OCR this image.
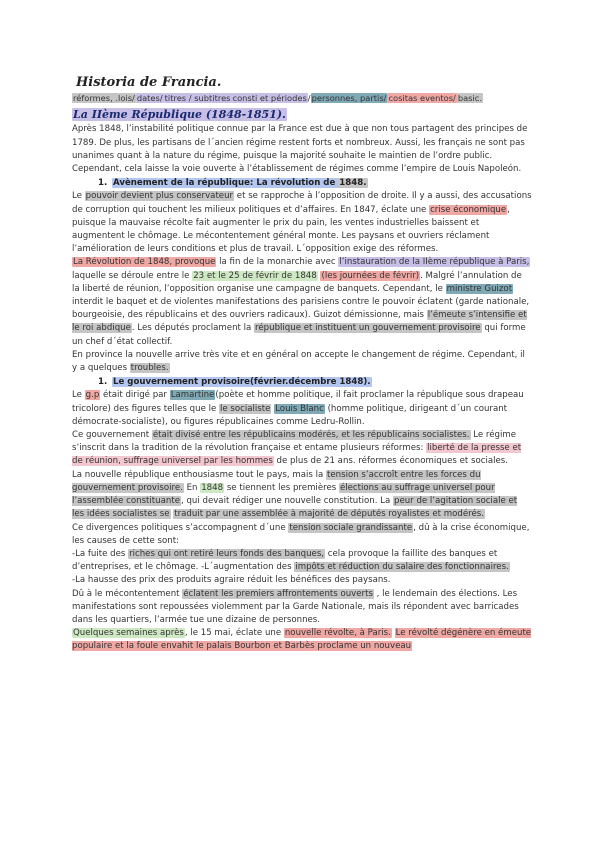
Historia de Francia.
réformes, .lois/ dates/ titres / subtitres consti et périodes/personnes, partis/ cositas eventos/ basic.
La IIème République (1848-1851).

Après 1848, l’instabilité politique connue par la France est due à que non tous partagent des principes de 1789. De plus, les partisans de l´ancien régime restent forts et nombreux. Aussi, les français ne sont pas unanimes quant à la nature du régime, puisque la majorité souhaite le maintien de l’ordre public. Cependant, cela laisse la voie ouverte à l’établissement de régimes comme l’empire de Louis Napoleón.

1. Avènement de la république: La révolution de 1848.

Le pouvoir devient plus conservateur et se rapproche à l’opposition de droite. Il y a aussi, des accusations de corruption qui touchent les milieux politiques et d’affaires. En 1847, éclate une crise économique, puisque la mauvaise récolte fait augmenter le prix du pain, les ventes industrielles baissent et augmentent le chômage. Le mécontentement général monte. Les paysans et ouvriers réclament l’amélioration de leurs conditions et plus de travail. L´opposition exige des réformes.

La Révolution de 1848, provoque la fin de la monarchie avec l’instauration de la IIème république à Paris, laquelle se déroule entre le 23 et le 25 de févrir de 1848 (les journées de févrir). Malgré l’annulation de la liberté de réunion, l’opposition organise une campagne de banquets. Cependant, le ministre Guizot interdit le baquet et de violentes manifestations des parisiens contre le pouvoir éclatent (garde nationale, bourgeoisie, des républicains et des ouvriers radicaux). Guizot démissionne, mais l’émeute s’intensifie et le roi abdique. Les députés proclament la république et instituent un gouvernement provisoire qui forme un chef d´état collectif.

En province la nouvelle arrive très vite et en général on accepte le changement de régime. Cependant, il y a quelques troubles.

1. Le gouvernement provisoire(février.décembre 1848).

Le g.p était dirigé par Lamartine(poète et homme politique, il fait proclamer la république sous drapeau tricolore) des figures telles que le le socialiste Louis Blanc (homme politique, dirigeant d´un courant démocrate-socialiste), ou figures républicaines comme Ledru-Rollin.

Ce gouvernement était divisé entre les républicains modérés, et les républicains socialistes. Le régime s’inscrit dans la tradition de la révolution française et entame plusieurs réformes: liberté de la presse et de réunion, suffrage universel par les hommes de plus de 21 ans. réformes économiques et sociales.

La nouvelle république enthousiasme tout le pays, mais la tension s’accroît entre les forces du gouvernement provisoire. En 1848 se tiennent les premières élections au suffrage universel pour l’assemblée constituante, qui devait rédiger une nouvelle constitution. La peur de l’agitation sociale et les idées socialistes se traduit par une assemblée à majorité de députés royalistes et modérés.

Ce divergences politiques s’accompagnent d´une tension sociale grandissante, dû à la crise économique, les causes de cette sont:

-La fuite des riches qui ont retiré leurs fonds des banques, cela provoque la faillite des banques et d’entreprises, et le chômage. -L´augmentation des impôts et réduction du salaire des fonctionnaires.

-La hausse des prix des produits agraire réduit les bénéfices des paysans.

Dû à le mécontentement éclatent les premiers affrontements ouverts , le lendemain des élections. Les manifestations sont repoussées violemment par la Garde Nationale, mais ils répondent avec barricades dans les quartiers, l’armée tue une dizaine de personnes.

Quelques semaines après, le 15 mai, éclate une nouvelle révolte, à Paris. Le révolté dégénère en émeute populaire et la foule envahit le palais Bourbon et Barbès proclame un nouveau
